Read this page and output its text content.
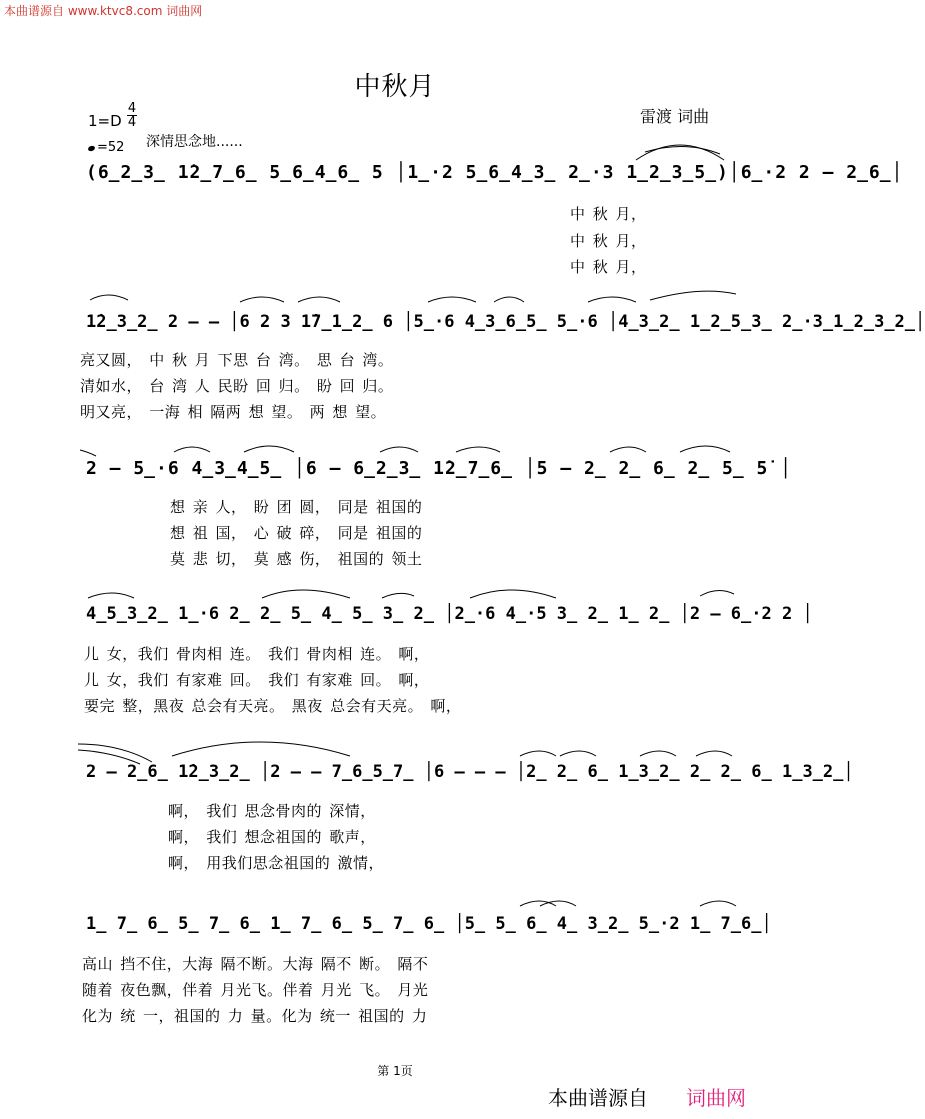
本曲谱源自 www.ktvc8.com 词曲网
中秋月
雷渡 词曲
1=D
4
4
=52 深情思念地......
(6̲2̲3̲ 1̇2̲7̲6̲ 5̲6̲4̲6̲ 5 │1̲·2 5̲6̲4̲3̲ 2̲·3 1̲2̲3̲5̲)│6̲·2 2 – 2̲6̲│
中 秋 月，
中 秋 月，
中 秋 月，
1̇2̲3̲2̲ 2 – – │6 2 3 1̇7̲1̲2̲ 6 │5̲·6 4̲3̲6̲5̲ 5̲·6 │4̲3̲2̲ 1̲2̲5̲3̲ 2̲·3̲1̲2̲3̲2̲│
亮又圆， 中 秋 月 下思 台 湾。 思 台 湾。
清如水， 台 湾 人 民盼 回 归。 盼 回 归。
明又亮， 一海 相 隔两 想 望。 两 想 望。
2 – 5̲·6 4̲3̲4̲5̲ │6 – 6̲2̲3̲ 1̇2̲7̲6̲ │5 – 2̲ 2̲ 6̲ 2̲ 5̲ 5̇ │
想 亲 人， 盼 团 圆， 同是 祖国的
想 祖 国， 心 破 碎， 同是 祖国的
莫 悲 切， 莫 感 伤， 祖国的 领土
4̲5̲3̲2̲ 1̲·6 2̲ 2̲ 5̲ 4̲ 5̲ 3̲ 2̲ │2̲·6 4̲·5 3̲ 2̲ 1̲ 2̲ │2 – 6̲·2 2 │
儿 女，我们 骨肉相 连。 我们 骨肉相 连。 啊，
儿 女，我们 有家难 回。 我们 有家难 回。 啊，
要完 整，黑夜 总会有天亮。 黑夜 总会有天亮。 啊，
2 – 2̲6̲ 1̇2̲3̲2̲ │2 – – 7̲6̲5̲7̲ │6 – – – │2̲ 2̲ 6̲ 1̲3̲2̲ 2̲ 2̲ 6̲ 1̲3̲2̲│
啊， 我们 思念骨肉的 深情，
啊， 我们 想念祖国的 歌声，
啊， 用我们思念祖国的 激情，
1̲ 7̲ 6̲ 5̲ 7̲ 6̲ 1̲ 7̲ 6̲ 5̲ 7̲ 6̲ │5̲ 5̲ 6̲ 4̲ 3̲2̲ 5̲·2 1̲ 7̲6̲│
高山 挡不住，大海 隔不断。大海 隔不 断。 隔不
随着 夜色飘，伴着 月光飞。伴着 月光 飞。 月光
化为 统 一，祖国的 力 量。化为 统一 祖国的 力
第 1页
本曲谱源自 词曲网
